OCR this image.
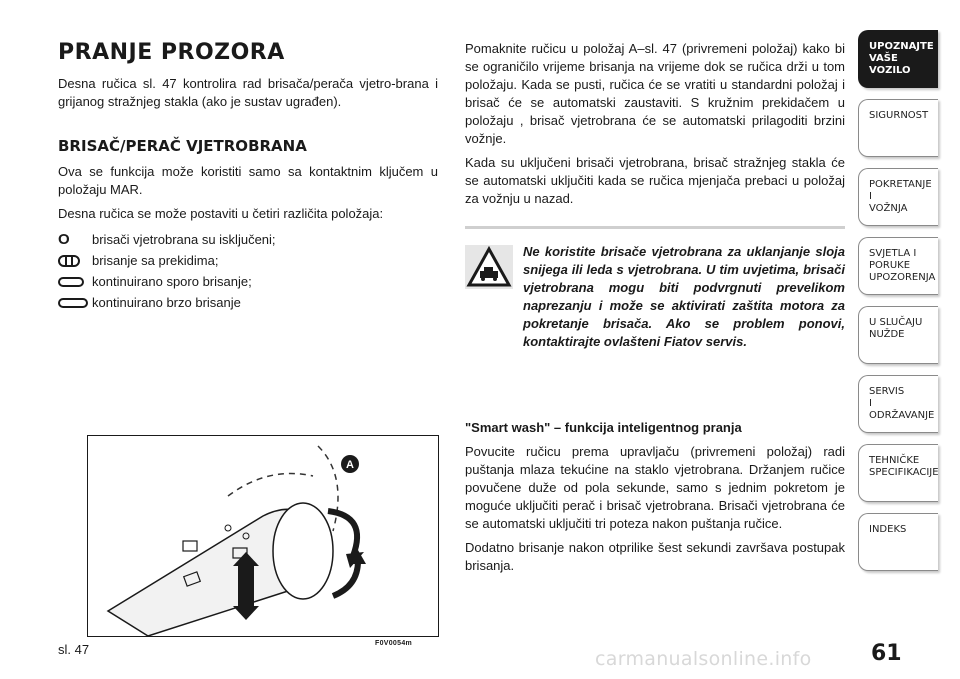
PRANJE PROZORA

Desna ručica sl. 47 kontrolira rad brisača/perača vjetro-brana i grijanog stražnjeg stakla (ako je sustav ugrađen).

BRISAČ/PERAČ VJETROBRANA

Ova se funkcija može koristiti samo sa kontaktnim ključem u položaju MAR.

Desna ručica se može postaviti u četiri različita položaja:

O	brisači vjetrobrana su isključeni;
brisanje sa prekidima;
kontinuirano sporo brisanje;
kontinuirano brzo brisanje

Pomaknite ručicu u položaj A–sl. 47 (privremeni položaj) kako bi se ograničilo vrijeme brisanja na vrijeme dok se ručica drži u tom položaju. Kada se pusti, ručica će se vratiti u standardni položaj i brisač će se automatski zaustaviti. S kružnim prekidačem u položaju , brisač vjetrobrana će se automatski prilagoditi brzini vožnje.

Kada su uključeni brisači vjetrobrana, brisač stražnjeg stakla će se automatski uključiti kada se ručica mjenjača prebaci u položaj za vožnju u nazad.

Ne koristite brisače vjetrobrana za uklanjanje sloja snijega ili leda s vjetrobrana. U tim uvjetima, brisači vjetrobrana mogu biti podvrgnuti prevelikom naprezanju i može se aktivirati zaštita motora za pokretanje brisača. Ako se problem ponovi, kontaktirajte ovlašteni Fiatov servis.

"Smart wash" – funkcija inteligentnog pranja

Povucite ručicu prema upravljaču (privremeni položaj) radi puštanja mlaza tekućine na staklo vjetrobrana. Držanjem ručice povučene duže od pola sekunde, samo s jednim pokretom je moguće uključiti perač i brisač vjetrobrana. Brisači vjetrobrana će se automatski uključiti tri poteza nakon puštanja ručice.

Dodatno brisanje nakon otprilike šest sekundi završava postupak brisanja.

A
sl. 47	F0V0054m
UPOZNAJTE
VAŠE
VOZILO
SIGURNOST
POKRETANJE
I
VOŽNJA
SVJETLA I
PORUKE
UPOZORENJA
U SLUČAJU
NUŽDE
SERVIS
I
ODRŽAVANJE
TEHNIČKE
SPECIFIKACIJE
INDEKS
61
carmanualsonline.info
